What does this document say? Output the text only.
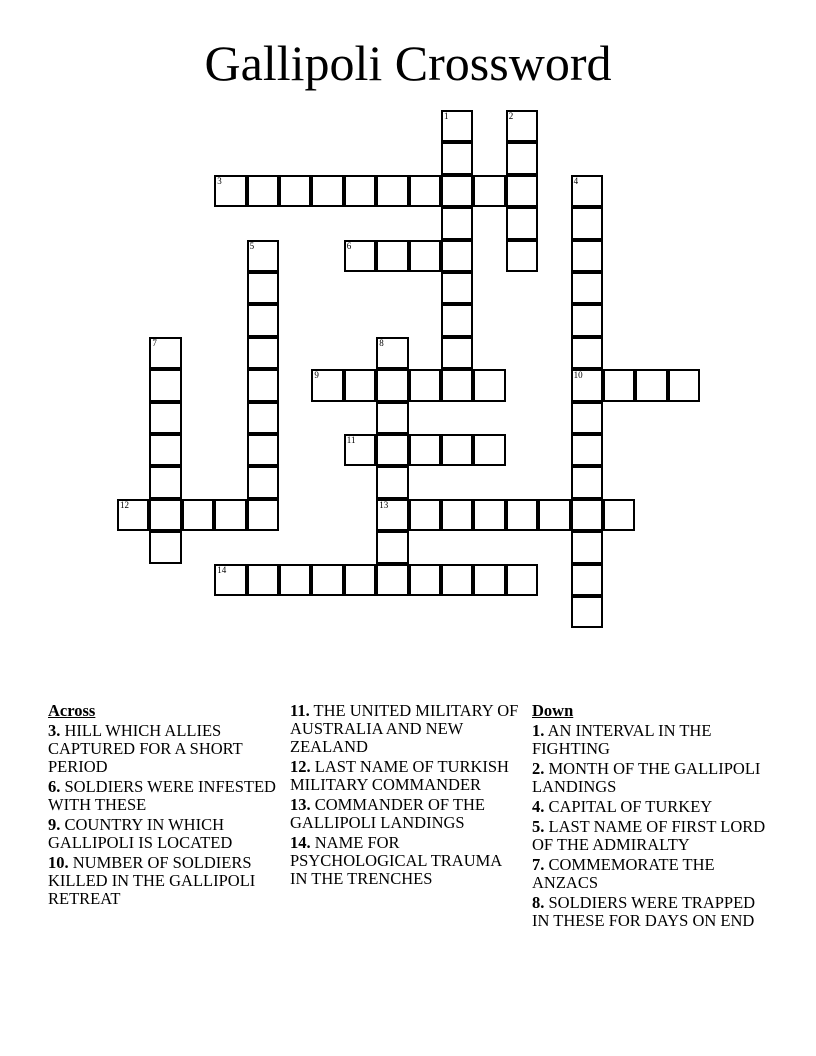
Gallipoli Crossword
1	2
3	4
10
5	6
7	8
13
9
11
12
14
Across
3. HILL WHICH ALLIES CAPTURED FOR A SHORT PERIOD
6. SOLDIERS WERE INFESTED WITH THESE
9. COUNTRY IN WHICH GALLIPOLI IS LOCATED
10. NUMBER OF SOLDIERS KILLED IN THE GALLIPOLI RETREAT
11. THE UNITED MILITARY OF AUSTRALIA AND NEW ZEALAND
12. LAST NAME OF TURKISH MILITARY COMMANDER
13. COMMANDER OF THE GALLIPOLI LANDINGS
14. NAME FOR PSYCHOLOGICAL TRAUMA IN THE TRENCHES
Down
1. AN INTERVAL IN THE FIGHTING
2. MONTH OF THE GALLIPOLI LANDINGS
4. CAPITAL OF TURKEY
5. LAST NAME OF FIRST LORD OF THE ADMIRALTY
7. COMMEMORATE THE ANZACS
8. SOLDIERS WERE TRAPPED IN THESE FOR DAYS ON END
